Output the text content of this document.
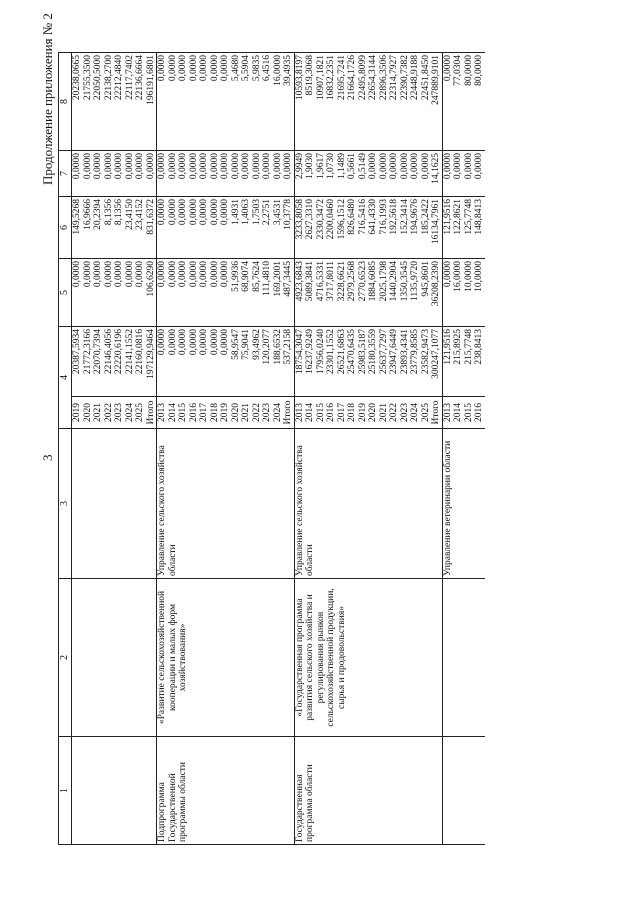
3
Продолжение приложения № 2
1	2	3	4		5	6	7	8
			2019	20387,5934	0,0000	149,5268	0,0000	20238,0665
			2020	21772,3166	0,0000	16,9666	0,0000	21755,3500
			2021	22070,7394	0,0000	20,2394	0,0000	22050,5000
			2022	22146,4056	0,0000	8,1356	0,0000	22138,2700
			2023	22220,6196	0,0000	8,1356	0,0000	22212,4840
			2024	22141,1552	0,0000	23,4150	0,0000	22117,7402
			2025	22160,0816	0,0000	23,4152	0,0000	22136,6664
			Итого	197129,9464	106,6290	831,6372	0,0000	196191,6801
Подпрограмма Государственной программы области	«Развитие сельскохозяйственной кооперации и малых форм хозяйствования»	Управление сельского хозяйства области	2013	0,0000	0,0000	0,0000	0,0000	0,0000
			2014	0,0000	0,0000	0,0000	0,0000	0,0000
			2015	0,0000	0,0000	0,0000	0,0000	0,0000
			2016	0,0000	0,0000	0,0000	0,0000	0,0000
			2017	0,0000	0,0000	0,0000	0,0000	0,0000
			2018	0,0000	0,0000	0,0000	0,0000	0,0000
			2019	0,0000	0,0000	0,0000	0,0000	0,0000
			2020	58,9547	51,9936	1,4931	0,0000	5,4680
			2021	75,9041	68,9074	1,4063	0,0000	5,5904
			2022	93,4962	85,7624	1,7503	0,0000	5,9835
			2023	120,2077	111,4810	2,2751	0,0000	6,4516
			2024	188,6532	169,2001	3,4531	0,0000	16,0000
			Итого	537,2158	487,3445	10,3778	0,0000	39,4935
Государственная программа области	«Государственная программа развития сельского хозяйства и регулирования рынков сельскохозяйственной продукции, сырья и продовольствия»	Управление сельского хозяйства области	2013	18754,3047	4923,6843	3233,8058	2,9949	10593,8197
			2014	16237,9249	5089,3841	2627,3310	1,9030	8519,3068
			2015	17956,0240	4716,5331	2330,3472	1,9617	10907,1821
			2016	23301,1552	3717,8011	2200,0460	1,0730	16832,2351
			2017	26521,6863	3228,6621	1596,1512	1,1489	21695,7241
			2018	25470,6435	2979,2568	826,6480	0,5661	21664,1726
			2019	25983,5187	2770,6523	716,5416	0,5149	22495,8099
			2020	25180,3559	1884,6085	641,4330	0,0000	22654,3144
			2021	25637,7297	2025,1798	716,1993	0,0000	22896,3506
			2022	23947,6449	1440,2904	192,5618	0,0000	22314,7927
			2023	23893,4341	1350,3545	152,3414	0,0000	22390,7382
			2024	23779,8585	1135,9720	194,9676	0,0000	22448,9188
			2025	23582,9473	945,8601	185,2422	0,0000	22451,8450
			Итого	300247,1077	36208,2390	16134,7961	14,1625	247889,9101
		Управление ветеринарии области	2013	121,9516	0,0000	121,9516	0,0000	0,0000
			2014	215,8925	16,0000	122,8621	0,0000	77,0304
			2015	215,7748	10,0000	125,7748	0,0000	80,0000
			2016	238,8413	10,0000	148,8413	0,0000	80,0000
